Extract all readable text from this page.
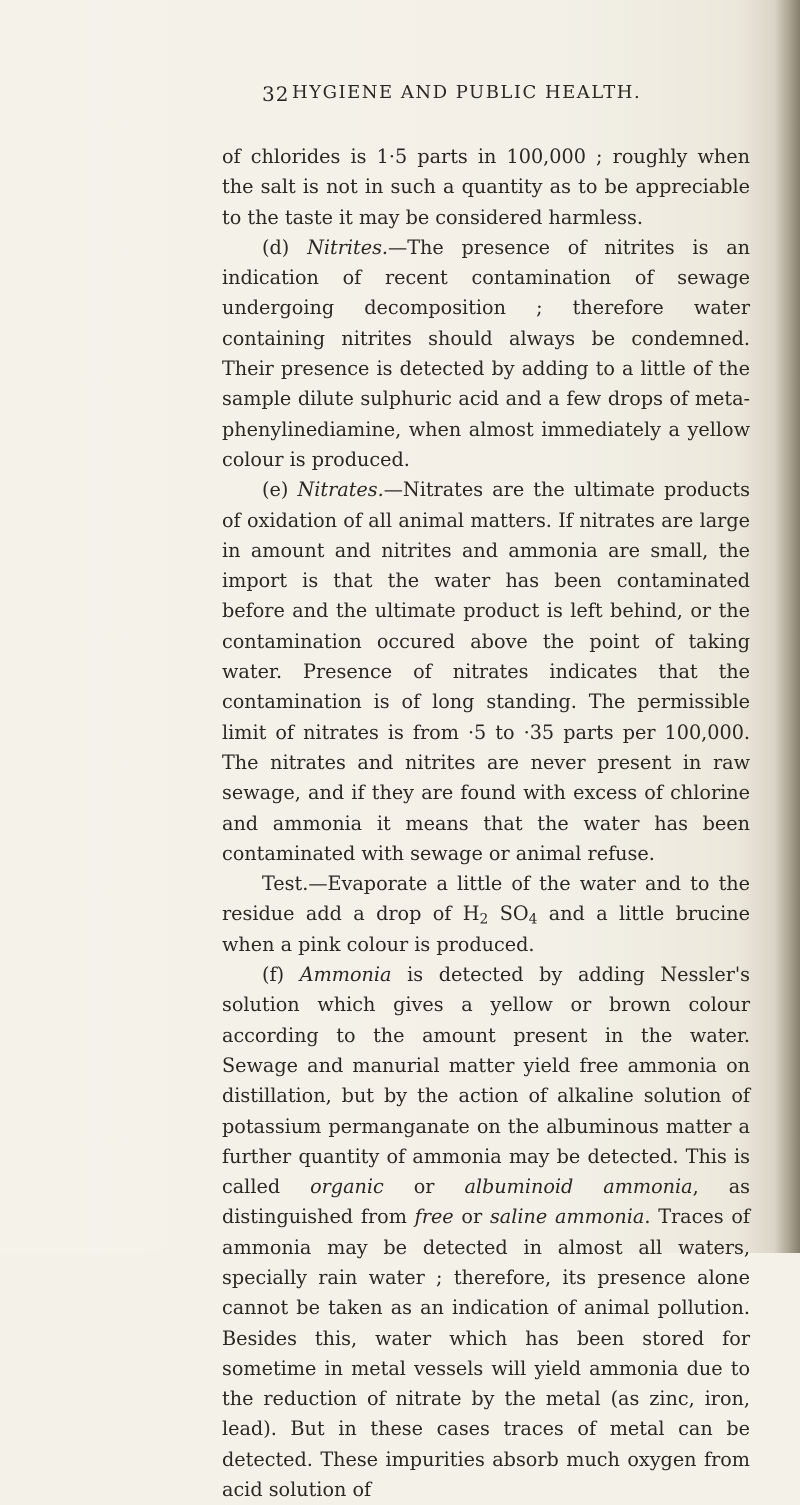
32 HYGIENE AND PUBLIC HEALTH.

of chlorides is 1·5 parts in 100,000 ; roughly when the salt is not in such a quantity as to be appreciable to the taste it may be considered harmless.

(d) Nitrites.—The presence of nitrites is an indication of recent contamination of sewage undergoing decomposition ; therefore water containing nitrites should always be condemned. Their presence is detected by adding to a little of the sample dilute sulphuric acid and a few drops of meta-phenylinediamine, when almost immediately a yellow colour is produced.

(e) Nitrates.—Nitrates are the ultimate products of oxidation of all animal matters. If nitrates are large in amount and nitrites and ammonia are small, the import is that the water has been contaminated before and the ultimate product is left behind, or the contamination occured above the point of taking water. Presence of nitrates indicates that the contamination is of long standing. The permissible limit of nitrates is from ·5 to ·35 parts per 100,000. The nitrates and nitrites are never present in raw sewage, and if they are found with excess of chlorine and ammonia it means that the water has been contaminated with sewage or animal refuse.

Test.—Evaporate a little of the water and to the residue add a drop of $H_2$ $SO_4$ and a little brucine when a pink colour is produced.

(f) Ammonia is detected by adding Nessler's solution which gives a yellow or brown colour according to the amount present in the water. Sewage and manurial matter yield free ammonia on distillation, but by the action of alkaline solution of potassium permanganate on the albuminous matter a further quantity of ammonia may be detected. This is called organic or albuminoid ammonia, as distinguished from free or saline ammonia. Traces of ammonia may be detected in almost all waters, specially rain water ; therefore, its presence alone cannot be taken as an indication of animal pollution. Besides this, water which has been stored for sometime in metal vessels will yield ammonia due to the reduction of nitrate by the metal (as zinc, iron, lead). But in these cases traces of metal can be detected. These impurities absorb much oxygen from acid solution of
